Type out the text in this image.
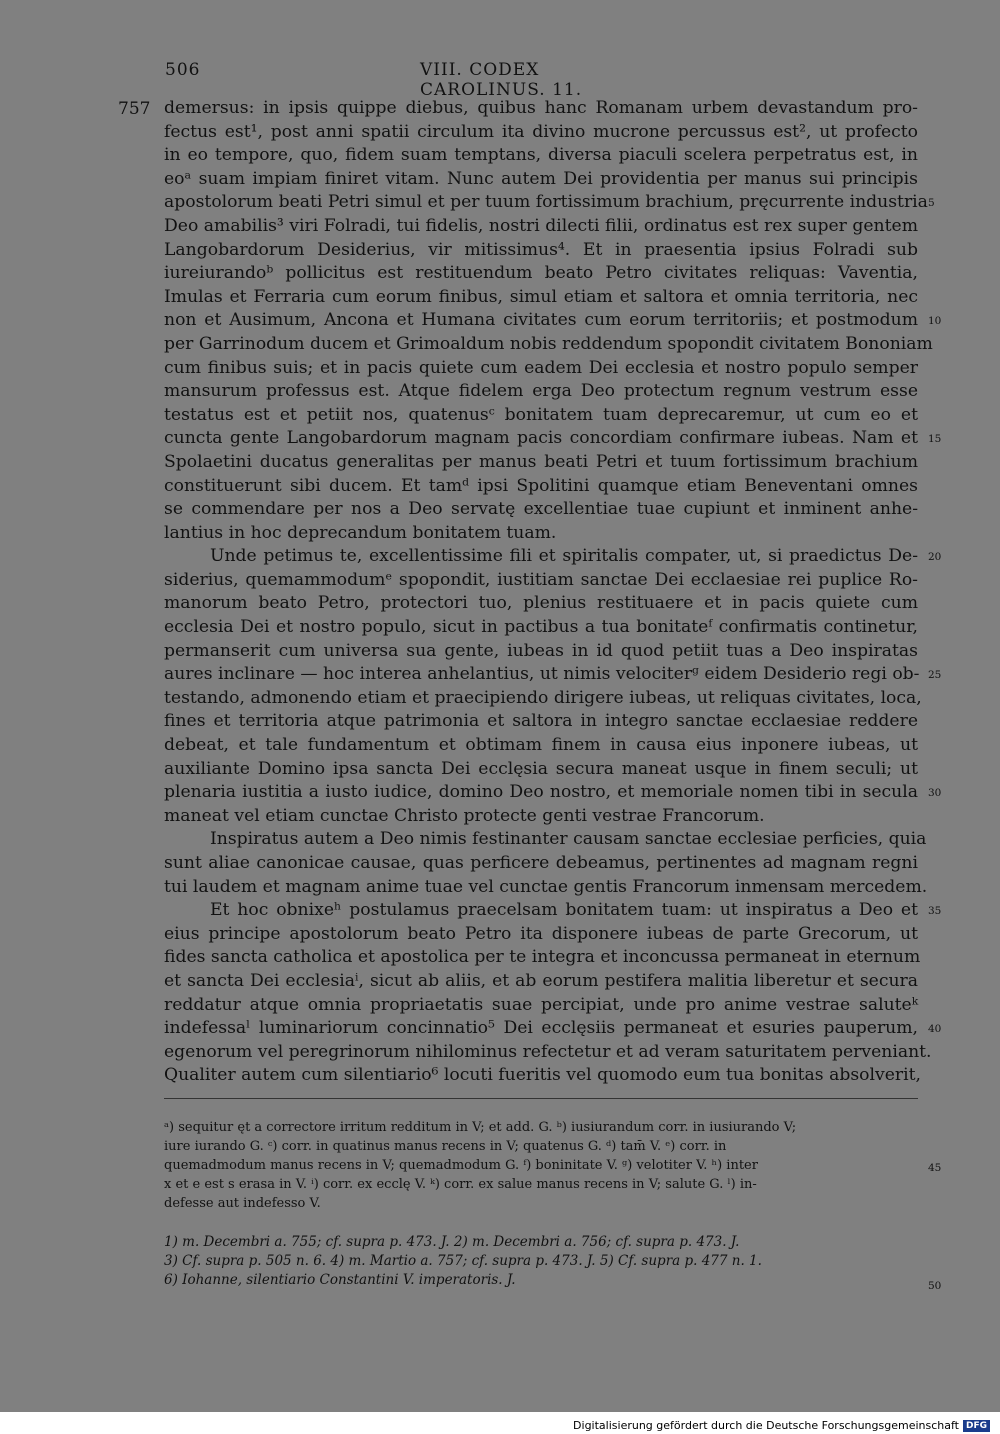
506	VIII. CODEX CAROLINUS. 11.
757 demersus: in ipsis quippe diebus, quibus hanc Romanam urbem devastandum pro-
fectus est¹, post anni spatii circulum ita divino mucrone percussus est², ut profecto
in eo tempore, quo, fidem suam temptans, diversa piaculi scelera perpetratus est, in
eoᵃ suam impiam finiret vitam. Nunc autem Dei providentia per manus sui principis
apostolorum beati Petri simul et per tuum fortissimum brachium, pręcurrente industria
Deo amabilis³ viri Folradi, tui fidelis, nostri dilecti filii, ordinatus est rex super gentem
Langobardorum Desiderius, vir mitissimus⁴. Et in praesentia ipsius Folradi sub
iureiurandoᵇ pollicitus est restituendum beato Petro civitates reliquas: Vaventia,
Imulas et Ferraria cum eorum finibus, simul etiam et saltora et omnia territoria, nec
non et Ausimum, Ancona et Humana civitates cum eorum territoriis; et postmodum
per Garrinodum ducem et Grimoaldum nobis reddendum spopondit civitatem Bononiam
cum finibus suis; et in pacis quiete cum eadem Dei ecclesia et nostro populo semper
mansurum professus est. Atque fidelem erga Deo protectum regnum vestrum esse
testatus est et petiit nos, quatenusᶜ bonitatem tuam deprecaremur, ut cum eo et
cuncta gente Langobardorum magnam pacis concordiam confirmare iubeas. Nam et
Spolaetini ducatus generalitas per manus beati Petri et tuum fortissimum brachium
constituerunt sibi ducem. Et tamᵈ ipsi Spolitini quamque etiam Beneventani omnes
se commendare per nos a Deo servatę excellentiae tuae cupiunt et inminent anhe-
lantius in hoc deprecandum bonitatem tuam.
Unde petimus te, excellentissime fili et spiritalis compater, ut, si praedictus De-
siderius, quemammodumᵉ spopondit, iustitiam sanctae Dei ecclaesiae rei puplice Ro-
manorum beato Petro, protectori tuo, plenius restituaere et in pacis quiete cum
ecclesia Dei et nostro populo, sicut in pactibus a tua bonitateᶠ confirmatis continetur,
permanserit cum universa sua gente, iubeas in id quod petiit tuas a Deo inspiratas
aures inclinare — hoc interea anhelantius, ut nimis velociterᵍ eidem Desiderio regi ob-
testando, admonendo etiam et praecipiendo dirigere iubeas, ut reliquas civitates, loca,
fines et territoria atque patrimonia et saltora in integro sanctae ecclaesiae reddere
debeat, et tale fundamentum et obtimam finem in causa eius inponere iubeas, ut
auxiliante Domino ipsa sancta Dei ecclęsia secura maneat usque in finem seculi; ut
plenaria iustitia a iusto iudice, domino Deo nostro, et memoriale nomen tibi in secula
maneat vel etiam cunctae Christo protecte genti vestrae Francorum.
Inspiratus autem a Deo nimis festinanter causam sanctae ecclesiae perficies, quia
sunt aliae canonicae causae, quas perficere debeamus, pertinentes ad magnam regni
tui laudem et magnam anime tuae vel cunctae gentis Francorum inmensam mercedem.
Et hoc obnixeʰ postulamus praecelsam bonitatem tuam: ut inspiratus a Deo et
eius principe apostolorum beato Petro ita disponere iubeas de parte Grecorum, ut
fides sancta catholica et apostolica per te integra et inconcussa permaneat in eternum
et sancta Dei ecclesiaⁱ, sicut ab aliis, et ab eorum pestifera malitia liberetur et secura
reddatur atque omnia propriaetatis suae percipiat, unde pro anime vestrae saluteᵏ
indefessaˡ luminariorum concinnatio⁵ Dei ecclęsiis permaneat et esuries pauperum,
egenorum vel peregrinorum nihilominus refectetur et ad veram saturitatem perveniant.
Qualiter autem cum silentiario⁶ locuti fueritis vel quomodo eum tua bonitas absolverit,
5
10
15
20
25
30
35
40
45
50
ᵃ) sequitur ęt a correctore irritum redditum in V; et add. G. ᵇ) iusiurandum corr. in iusiurando V;
iure iurando G. ᶜ) corr. in quatinus manus recens in V; quatenus G. ᵈ) tam̄ V. ᵉ) corr. in
quemadmodum manus recens in V; quemadmodum G. ᶠ) boninitate V. ᵍ) velotiter V. ʰ) inter
x et e est s erasa in V. ⁱ) corr. ex ecclę V. ᵏ) corr. ex salue manus recens in V; salute G. ˡ) in-
defesse aut indefesso V.
1) m. Decembri a. 755; cf. supra p. 473. J. 2) m. Decembri a. 756; cf. supra p. 473. J.
3) Cf. supra p. 505 n. 6. 4) m. Martio a. 757; cf. supra p. 473. J. 5) Cf. supra p. 477 n. 1.
6) Iohanne, silentiario Constantini V. imperatoris. J.
Digitalisierung gefördert durch die Deutsche Forschungsgemeinschaft DFG
